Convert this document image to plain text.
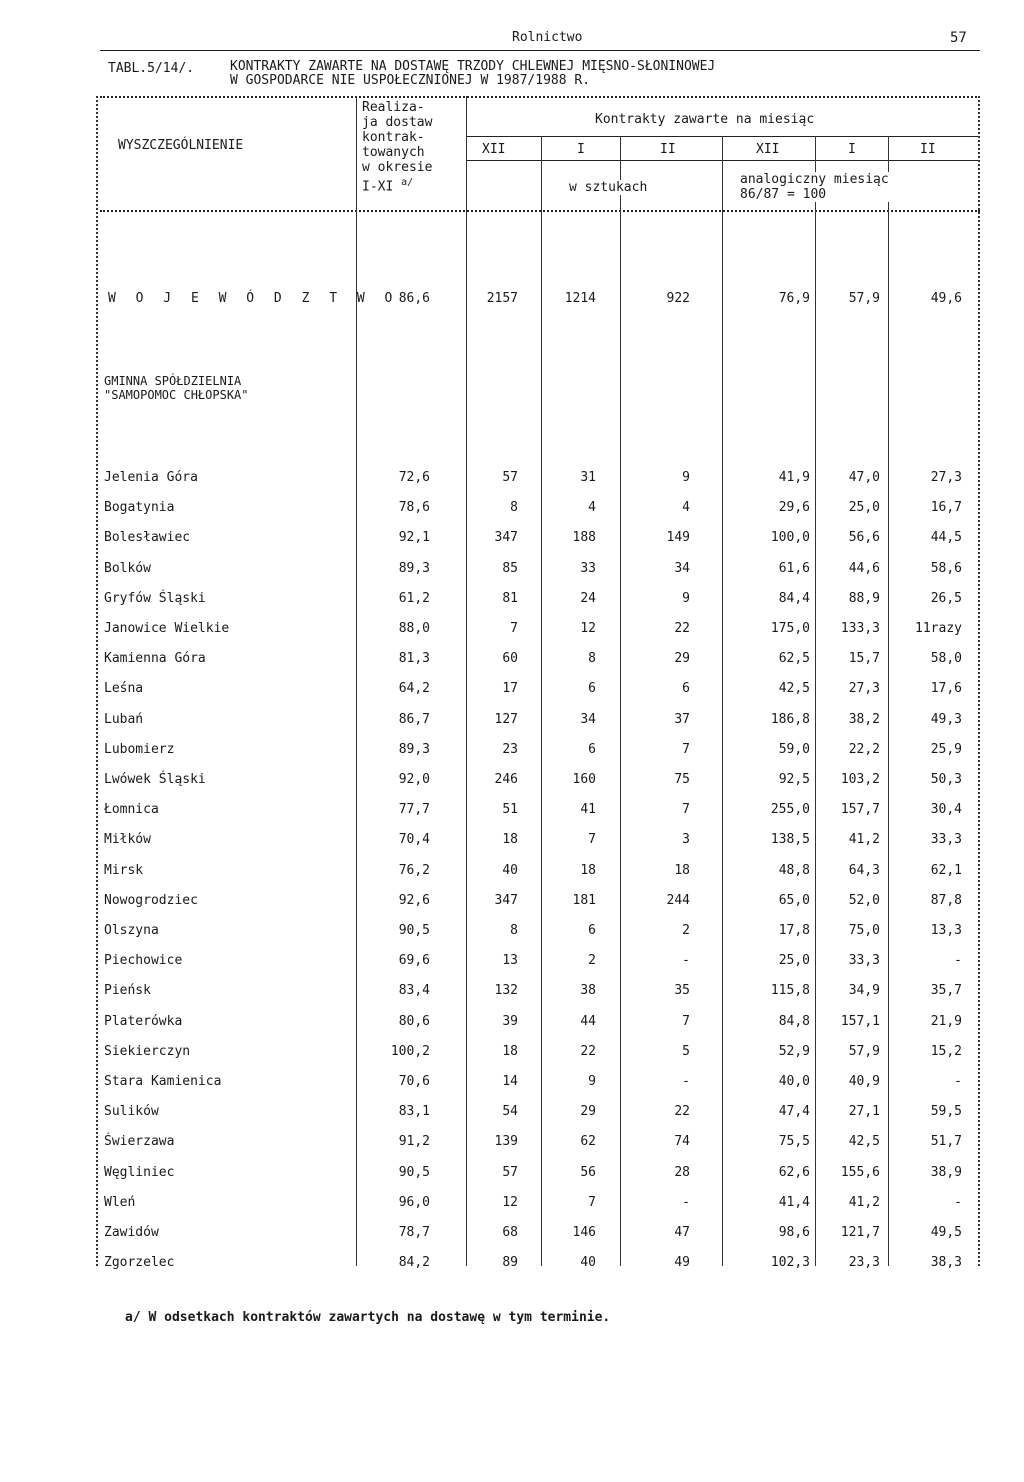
Rolnictwo	57
TABL.5/14/.	KONTRAKTY ZAWARTE NA DOSTAWĘ TRZODY CHLEWNEJ MIĘSNO-SŁONINOWEJ
W GOSPODARCE NIE USPOŁECZNIONEJ W 1987/1988 R.
WYSZCZEGÓLNIENIE
Realiza-
ja dostaw
kontrak-
towanych
w okresie
I-XI $^{a/}$
Kontrakty zawarte na miesiąc
XII	I	II	XII	I	II
w sztukach
analogiczny miesiąc
86/87 = 100
W O J E W Ó D Z T W O 86,6	2157	1214	922	76,9	57,9	49,6
GMINNA SPÓŁDZIELNIA
"SAMOPOMOC CHŁOPSKA"
Jelenia Góra	72,6	57	31	9	41,9	47,0	27,3
Bogatynia	78,6	8	4	4	29,6	25,0	16,7
Bolesławiec	92,1	347	188	149	100,0	56,6	44,5
Bolków	89,3	85	33	34	61,6	44,6	58,6
Gryfów Śląski	61,2	81	24	9	84,4	88,9	26,5
Janowice Wielkie	88,0	7	12	22	175,0	133,3	11razy
Kamienna Góra	81,3	60	8	29	62,5	15,7	58,0
Leśna	64,2	17	6	6	42,5	27,3	17,6
Lubań	86,7	127	34	37	186,8	38,2	49,3
Lubomierz	89,3	23	6	7	59,0	22,2	25,9
Lwówek Śląski	92,0	246	160	75	92,5	103,2	50,3
Łomnica	77,7	51	41	7	255,0	157,7	30,4
Miłków	70,4	18	7	3	138,5	41,2	33,3
Mirsk	76,2	40	18	18	48,8	64,3	62,1
Nowogrodziec	92,6	347	181	244	65,0	52,0	87,8
Olszyna	90,5	8	6	2	17,8	75,0	13,3
Piechowice	69,6	13	2	-	25,0	33,3	-
Pieńsk	83,4	132	38	35	115,8	34,9	35,7
Platerówka	80,6	39	44	7	84,8	157,1	21,9
Siekierczyn	100,2	18	22	5	52,9	57,9	15,2
Stara Kamienica	70,6	14	9	-	40,0	40,9	-
Sulików	83,1	54	29	22	47,4	27,1	59,5
Świerzawa	91,2	139	62	74	75,5	42,5	51,7
Węgliniec	90,5	57	56	28	62,6	155,6	38,9
Wleń	96,0	12	7	-	41,4	41,2	-
Zawidów	78,7	68	146	47	98,6	121,7	49,5
Zgorzelec	84,2	89	40	49	102,3	23,3	38,3
a/ W odsetkach kontraktów zawartych na dostawę w tym terminie.
